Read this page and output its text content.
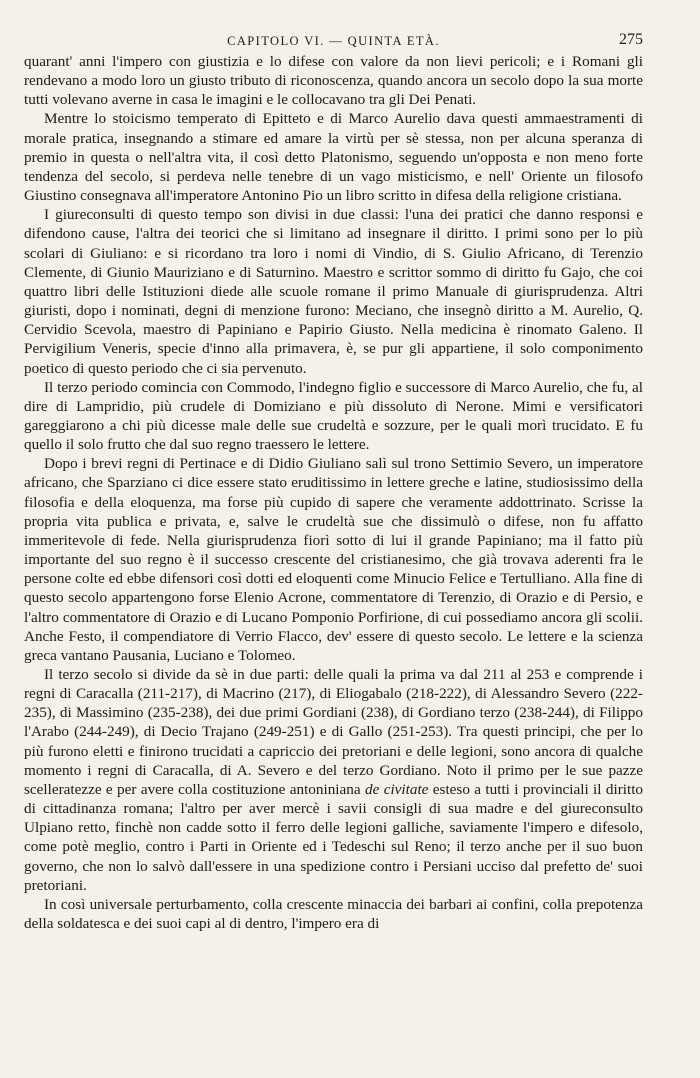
CAPITOLO VI. — QUINTA ETÀ.	275

quarant' anni l'impero con giustizia e lo difese con valore da non lievi pericoli; e i Romani gli rendevano a modo loro un giusto tributo di riconoscenza, quando ancora un secolo dopo la sua morte tutti volevano averne in casa le imagini e le collocavano tra gli Dei Penati.

Mentre lo stoicismo temperato di Epitteto e di Marco Aurelio dava questi ammaestramenti di morale pratica, insegnando a stimare ed amare la virtù per sè stessa, non per alcuna speranza di premio in questa o nell'altra vita, il così detto Platonismo, seguendo un'opposta e non meno forte tendenza del secolo, si perdeva nelle tenebre di un vago misticismo, e nell' Oriente un filosofo Giustino consegnava all'imperatore Antonino Pio un libro scritto in difesa della religione cristiana.

I giureconsulti di questo tempo son divisi in due classi: l'una dei pratici che danno responsi e difendono cause, l'altra dei teorici che si limitano ad insegnare il diritto. I primi sono per lo più scolari di Giuliano: e si ricordano tra loro i nomi di Vindio, di S. Giulio Africano, di Terenzio Clemente, di Giunio Mauriziano e di Saturnino. Maestro e scrittor sommo di diritto fu Gajo, che coi quattro libri delle Istituzioni diede alle scuole romane il primo Manuale di giurisprudenza. Altri giuristi, dopo i nominati, degni di menzione furono: Meciano, che insegnò diritto a M. Aurelio, Q. Cervidio Scevola, maestro di Papiniano e Papirio Giusto. Nella medicina è rinomato Galeno. Il Pervigilium Veneris, specie d'inno alla primavera, è, se pur gli appartiene, il solo componimento poetico di questo periodo che ci sia pervenuto.

Il terzo periodo comincia con Commodo, l'indegno figlio e successore di Marco Aurelio, che fu, al dire di Lampridio, più crudele di Domiziano e più dissoluto di Nerone. Mimi e versificatori gareggiarono a chi più dicesse male delle sue crudeltà e sozzure, per le quali morì trucidato. E fu quello il solo frutto che dal suo regno traessero le lettere.

Dopo i brevi regni di Pertinace e di Didio Giuliano salì sul trono Settimio Severo, un imperatore africano, che Sparziano ci dice essere stato eruditissimo in lettere greche e latine, studiosissimo della filosofia e della eloquenza, ma forse più cupido di sapere che veramente addottrinato. Scrisse la propria vita publica e privata, e, salve le crudeltà sue che dissimulò o difese, non fu affatto immeritevole di fede. Nella giurisprudenza fiorì sotto di lui il grande Papiniano; ma il fatto più importante del suo regno è il successo crescente del cristianesimo, che già trovava aderenti fra le persone colte ed ebbe difensori così dotti ed eloquenti come Minucio Felice e Tertulliano. Alla fine di questo secolo appartengono forse Elenio Acrone, commentatore di Terenzio, di Orazio e di Persio, e l'altro commentatore di Orazio e di Lucano Pomponio Porfirione, di cui possediamo ancora gli scolii. Anche Festo, il compendiatore di Verrio Flacco, dev' essere di questo secolo. Le lettere e la scienza greca vantano Pausania, Luciano e Tolomeo.

Il terzo secolo si divide da sè in due parti: delle quali la prima va dal 211 al 253 e comprende i regni di Caracalla (211-217), di Macrino (217), di Eliogabalo (218-222), di Alessandro Severo (222-235), di Massimino (235-238), dei due primi Gordiani (238), di Gordiano terzo (238-244), di Filippo l'Arabo (244-249), di Decio Trajano (249-251) e di Gallo (251-253). Tra questi principi, che per lo più furono eletti e finirono trucidati a capriccio dei pretoriani e delle legioni, sono ancora di qualche momento i regni di Caracalla, di A. Severo e del terzo Gordiano. Noto il primo per le sue pazze scelleratezze e per avere colla costituzione antoniniana de civitate esteso a tutti i provinciali il diritto di cittadinanza romana; l'altro per aver mercè i savii consigli di sua madre e del giureconsulto Ulpiano retto, finchè non cadde sotto il ferro delle legioni galliche, saviamente l'impero e difesolo, come potè meglio, contro i Parti in Oriente ed i Tedeschi sul Reno; il terzo anche per il suo buon governo, che non lo salvò dall'essere in una spedizione contro i Persiani ucciso dal prefetto de' suoi pretoriani.

In così universale perturbamento, colla crescente minaccia dei barbari ai confini, colla prepotenza della soldatesca e dei suoi capi al di dentro, l'impero era di
